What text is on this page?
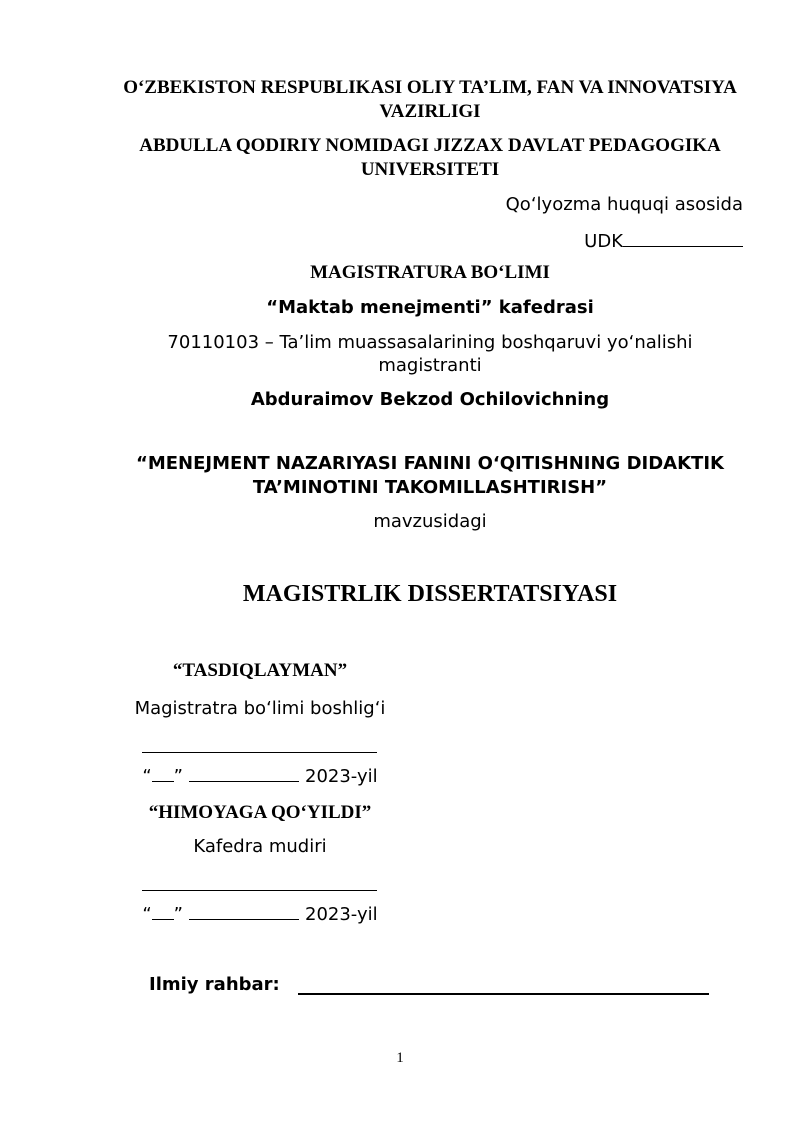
O‘ZBEKISTON RESPUBLIKASI OLIY TA’LIM, FAN VA INNOVATSIYA VAZIRLIGI
ABDULLA QODIRIY NOMIDAGI JIZZAX DAVLAT PEDAGOGIKA UNIVERSITETI
Qo‘lyozma huquqi asosida
UDK
MAGISTRATURA BO‘LIMI
“Maktab menejmenti” kafedrasi
70110103 – Ta’lim muassasalarining boshqaruvi yo‘nalishi magistranti
Abduraimov Bekzod Ochilovichning
“MENEJMENT NAZARIYASI FANINI O‘QITISHNING DIDAKTIK TA’MINOTINI TAKOMILLASHTIRISH”
mavzusidagi
MAGISTRLIK DISSERTATSIYASI
“TASDIQLAYMAN”
Magistratra bo‘limi boshlig‘i
“ ”	2023-yil
“HIMOYAGA QO‘YILDI”
Kafedra mudiri
“ ”	2023-yil
Ilmiy rahbar:
1
